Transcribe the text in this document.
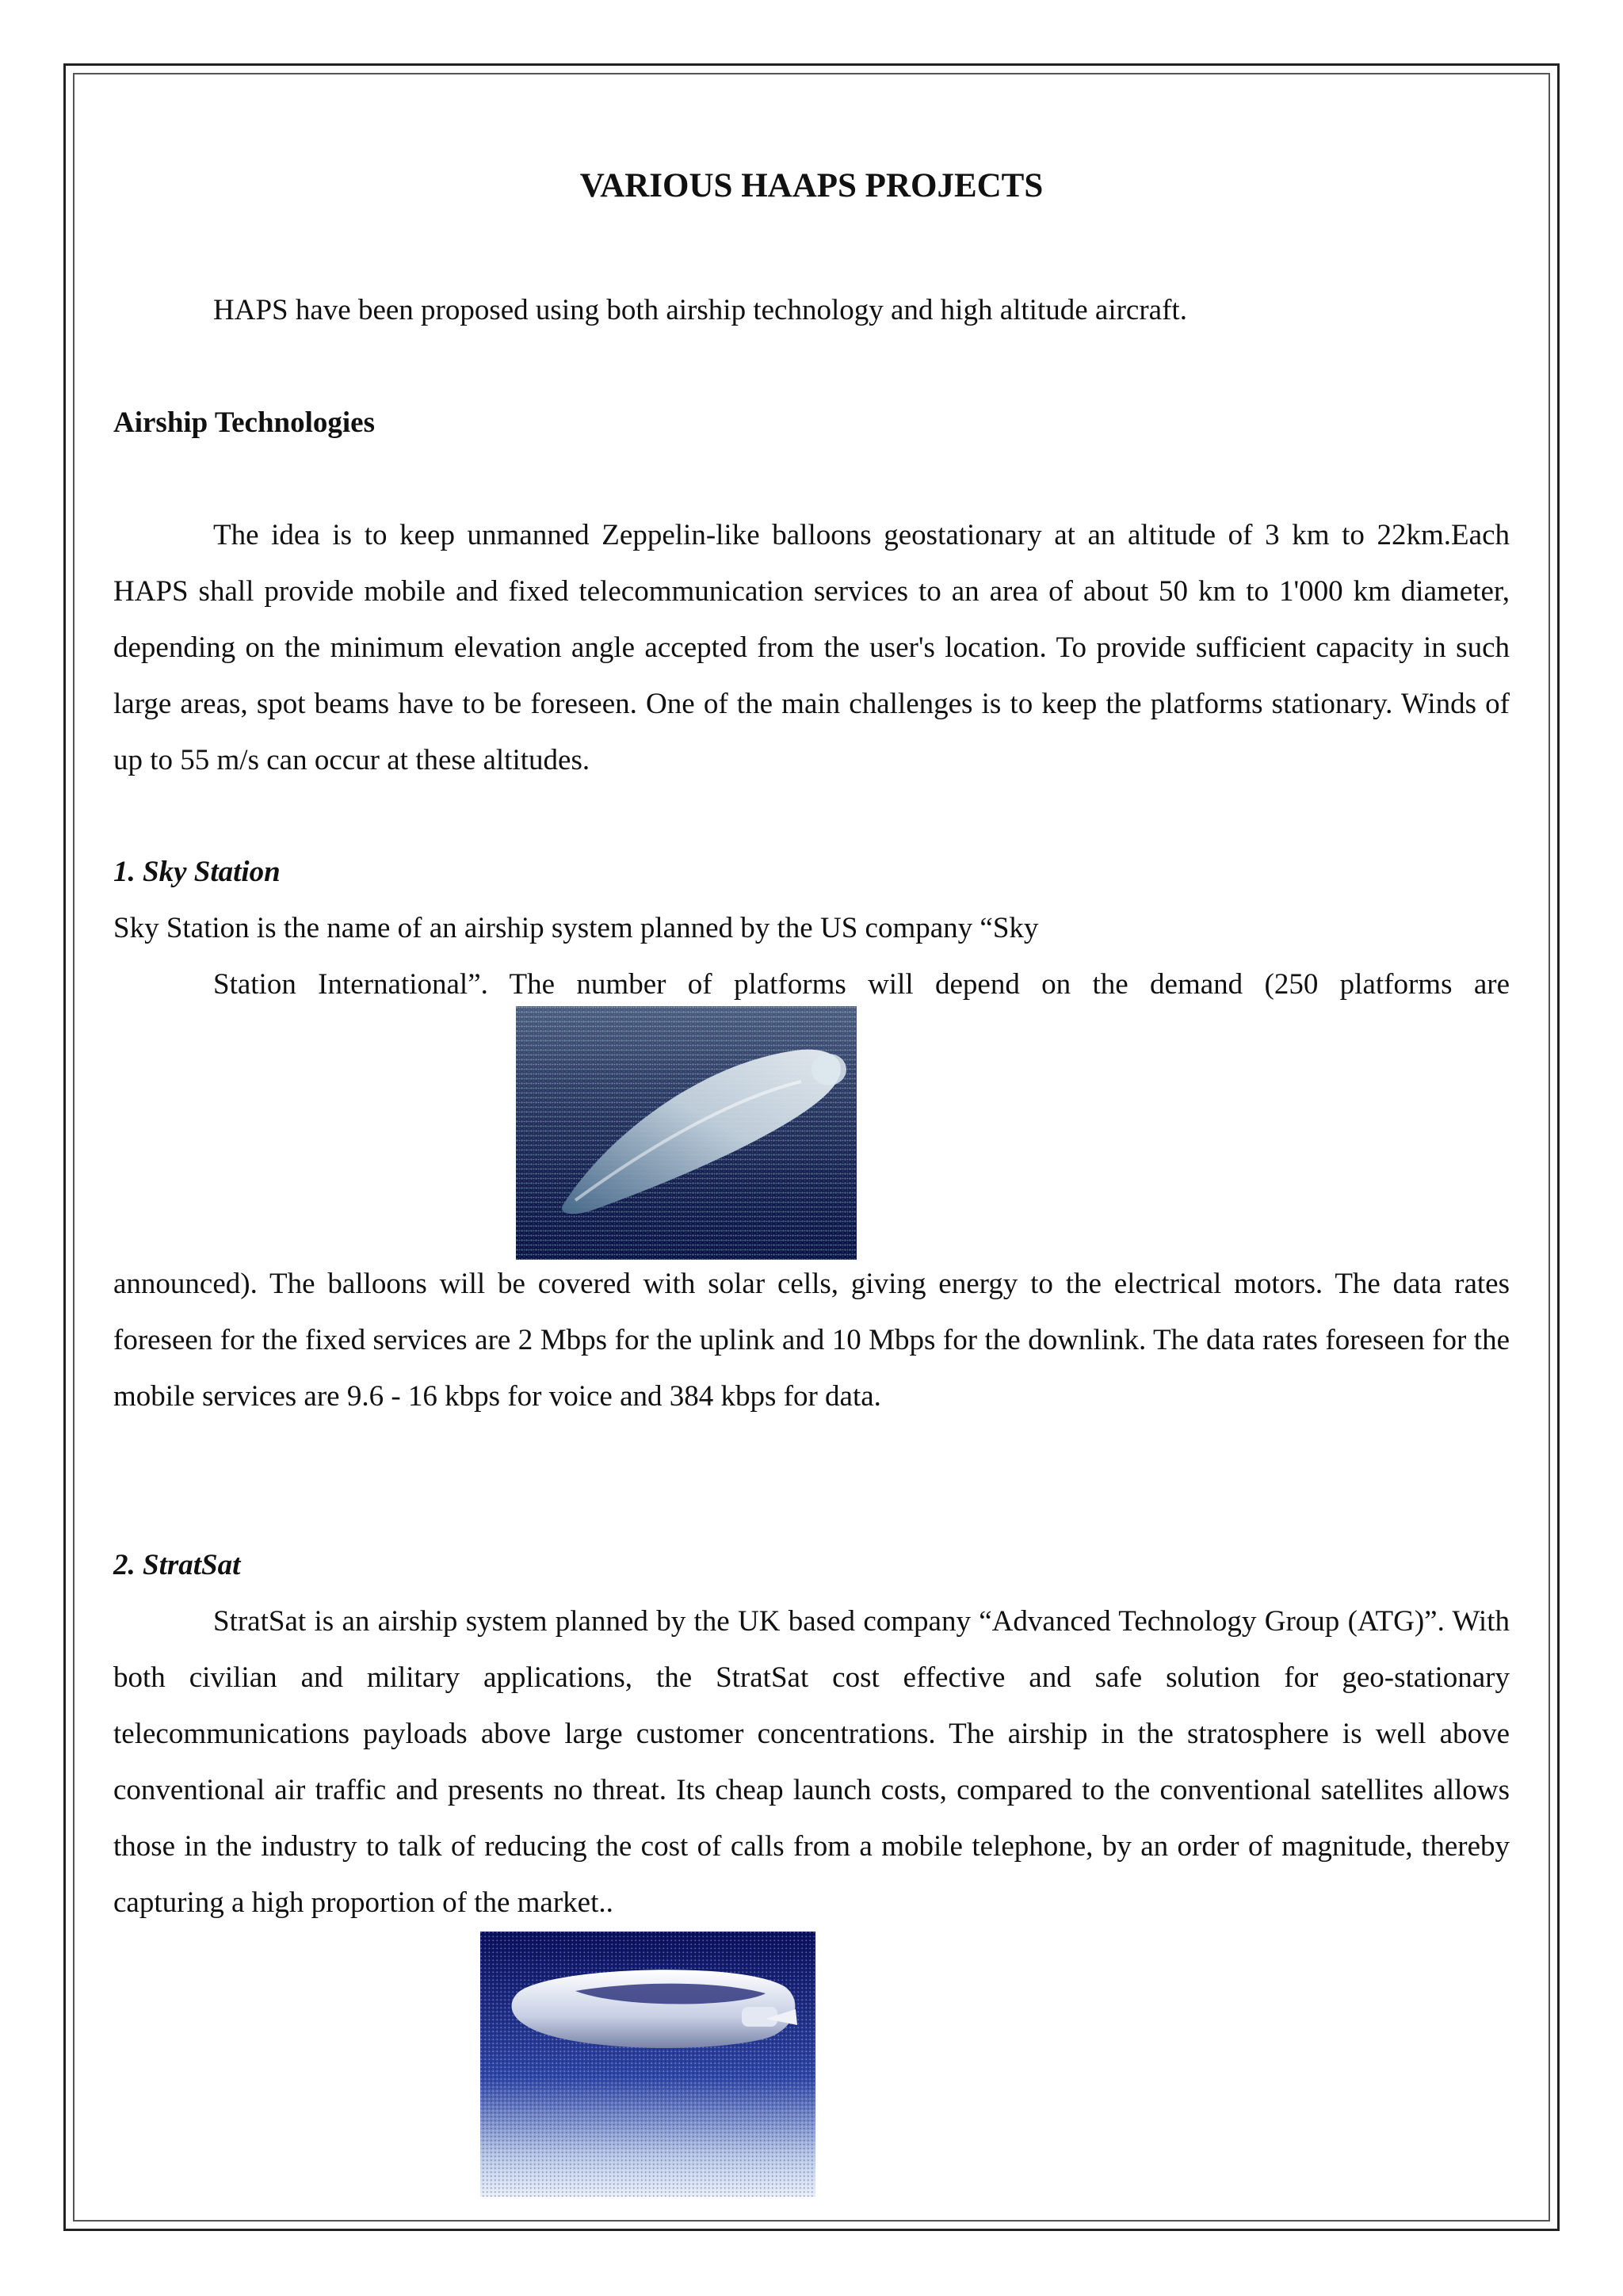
VARIOUS HAAPS PROJECTS
HAPS have been proposed using both airship technology and high altitude aircraft.
Airship Technologies
The idea is to keep unmanned Zeppelin-like balloons geostationary at an altitude of 3 km to 22km.Each HAPS shall provide mobile and fixed telecommunication services to an area of about 50 km to 1'000 km diameter, depending on the minimum elevation angle accepted from the user's location. To provide sufficient capacity in such large areas, spot beams have to be foreseen. One of the main challenges is to keep the platforms stationary. Winds of up to 55 m/s can occur at these altitudes.
1. Sky Station
Sky Station is the name of an airship system planned by the US company “Sky
Station International”. The number of platforms will depend on the demand (250 platforms are
announced). The balloons will be covered with solar cells, giving energy to the electrical motors. The data rates foreseen for the fixed services are 2 Mbps for the uplink and 10 Mbps for the downlink. The data rates foreseen for the mobile services are 9.6 - 16 kbps for voice and 384 kbps for data.
2. StratSat
StratSat is an airship system planned by the UK based company “Advanced Technology Group (ATG)”. With both civilian and military applications, the StratSat cost effective and safe solution for geo-stationary telecommunications payloads above large customer concentrations. The airship in the stratosphere is well above conventional air traffic and presents no threat. Its cheap launch costs, compared to the conventional satellites allows those in the industry to talk of reducing the cost of calls from a mobile telephone, by an order of magnitude, thereby capturing a high proportion of the market..
